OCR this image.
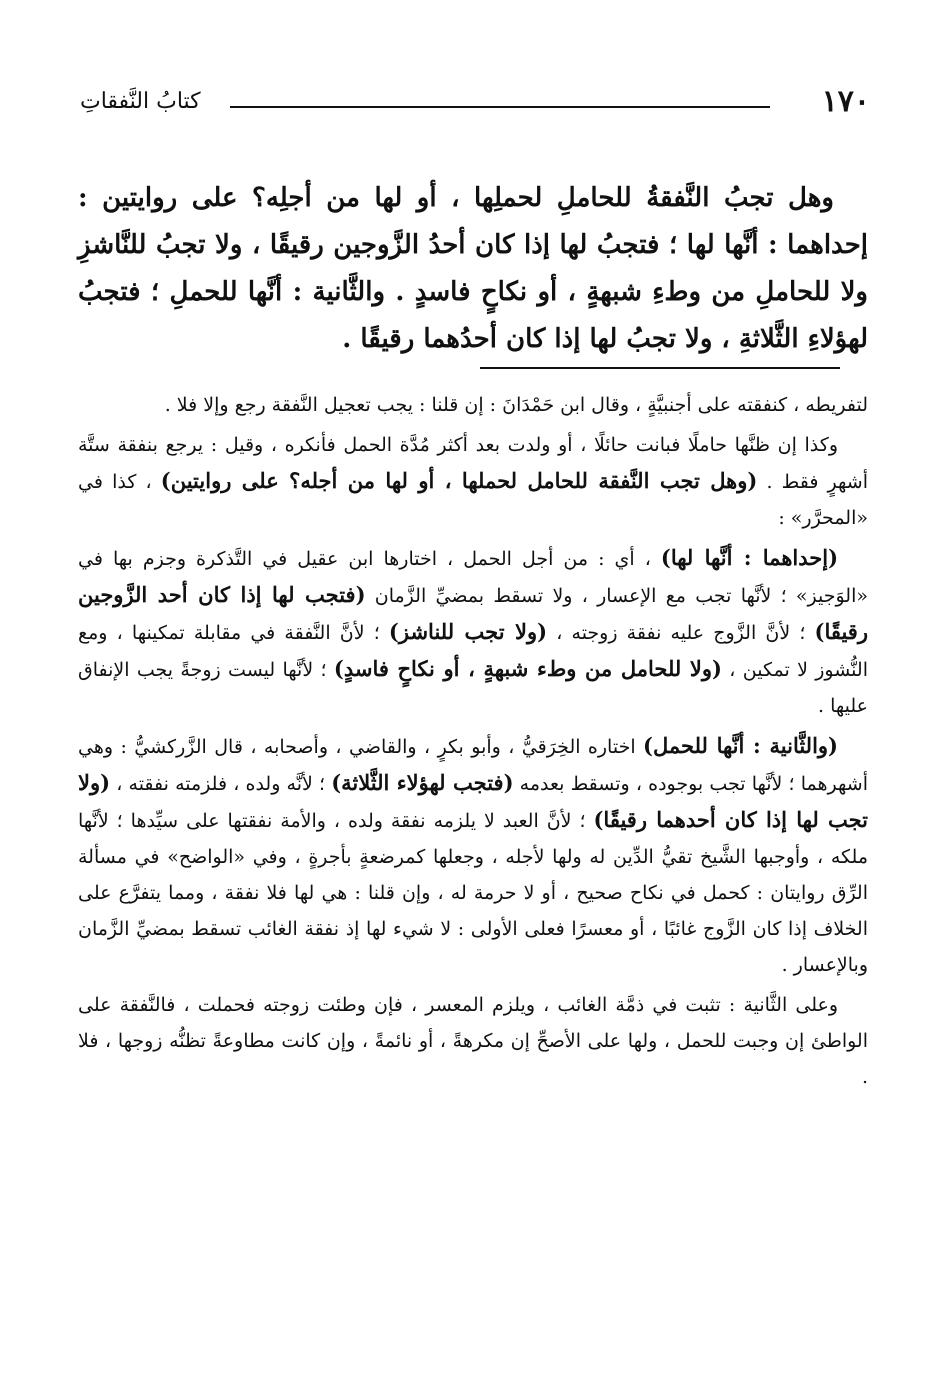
١٧٠
كتابُ النَّفقاتِ

وهل تجبُ النَّفقةُ للحاملِ لحملِها ، أو لها من أجلِه؟ على روايتين : إحداهما : أنَّها لها ؛ فتجبُ لها إذا كان أحدُ الزَّوجين رقيقًا ، ولا تجبُ للنَّاشزِ ولا للحاملِ من وطءِ شبهةٍ ، أو نكاحٍ فاسدٍ . والثَّانية : أنَّها للحملِ ؛ فتجبُ لهؤلاءِ الثَّلاثةِ ، ولا تجبُ لها إذا كان أحدُهما رقيقًا .

لتفريطه ، كنفقته على أجنبيَّةٍ ، وقال ابن حَمْدَانَ : إن قلنا : يجب تعجيل النَّفقة رجع وإلا فلا .

وكذا إن ظنَّها حاملًا فبانت حائلًا ، أو ولدت بعد أكثر مُدَّة الحمل فأنكره ، وقيل : يرجع بنفقة ستَّة أشهرٍ فقط . (وهل تجب النَّفقة للحامل لحملها ، أو لها من أجله؟ على روايتين) ، كذا في «المحرَّر» :

(إحداهما : أنَّها لها) ، أي : من أجل الحمل ، اختارها ابن عقيل في التَّذكرة وجزم بها في «الوَجيز» ؛ لأنَّها تجب مع الإعسار ، ولا تسقط بمضيِّ الزَّمان (فتجب لها إذا كان أحد الزَّوجين رقيقًا) ؛ لأنَّ الزَّوج عليه نفقة زوجته ، (ولا تجب للناشز) ؛ لأنَّ النَّفقة في مقابلة تمكينها ، ومع النُّشوز لا تمكين ، (ولا للحامل من وطء شبهةٍ ، أو نكاحٍ فاسدٍ) ؛ لأنَّها ليست زوجةً يجب الإنفاق عليها .

(والثَّانية : أنَّها للحمل) اختاره الخِرَقيُّ ، وأبو بكرٍ ، والقاضي ، وأصحابه ، قال الزَّركشيُّ : وهي أشهرهما ؛ لأنَّها تجب بوجوده ، وتسقط بعدمه (فتجب لهؤلاء الثَّلاثة) ؛ لأنَّه ولده ، فلزمته نفقته ، (ولا تجب لها إذا كان أحدهما رقيقًا) ؛ لأنَّ العبد لا يلزمه نفقة ولده ، والأمة نفقتها على سيِّدها ؛ لأنَّها ملكه ، وأوجبها الشَّيخ تقيُّ الدِّين له ولها لأجله ، وجعلها كمرضعةٍ بأجرةٍ ، وفي «الواضح» في مسألة الرِّق روايتان : كحمل في نكاح صحيح ، أو لا حرمة له ، وإن قلنا : هي لها فلا نفقة ، ومما يتفرَّع على الخلاف إذا كان الزَّوج غائبًا ، أو معسرًا فعلى الأولى : لا شيء لها إذ نفقة الغائب تسقط بمضيِّ الزَّمان وبالإعسار .

وعلى الثَّانية : تثبت في ذمَّة الغائب ، ويلزم المعسر ، فإن وطئت زوجته فحملت ، فالنَّفقة على الواطئ إن وجبت للحمل ، ولها على الأصحِّ إن مكرهةً ، أو نائمةً ، وإن كانت مطاوعةً تظنُّه زوجها ، فلا .
